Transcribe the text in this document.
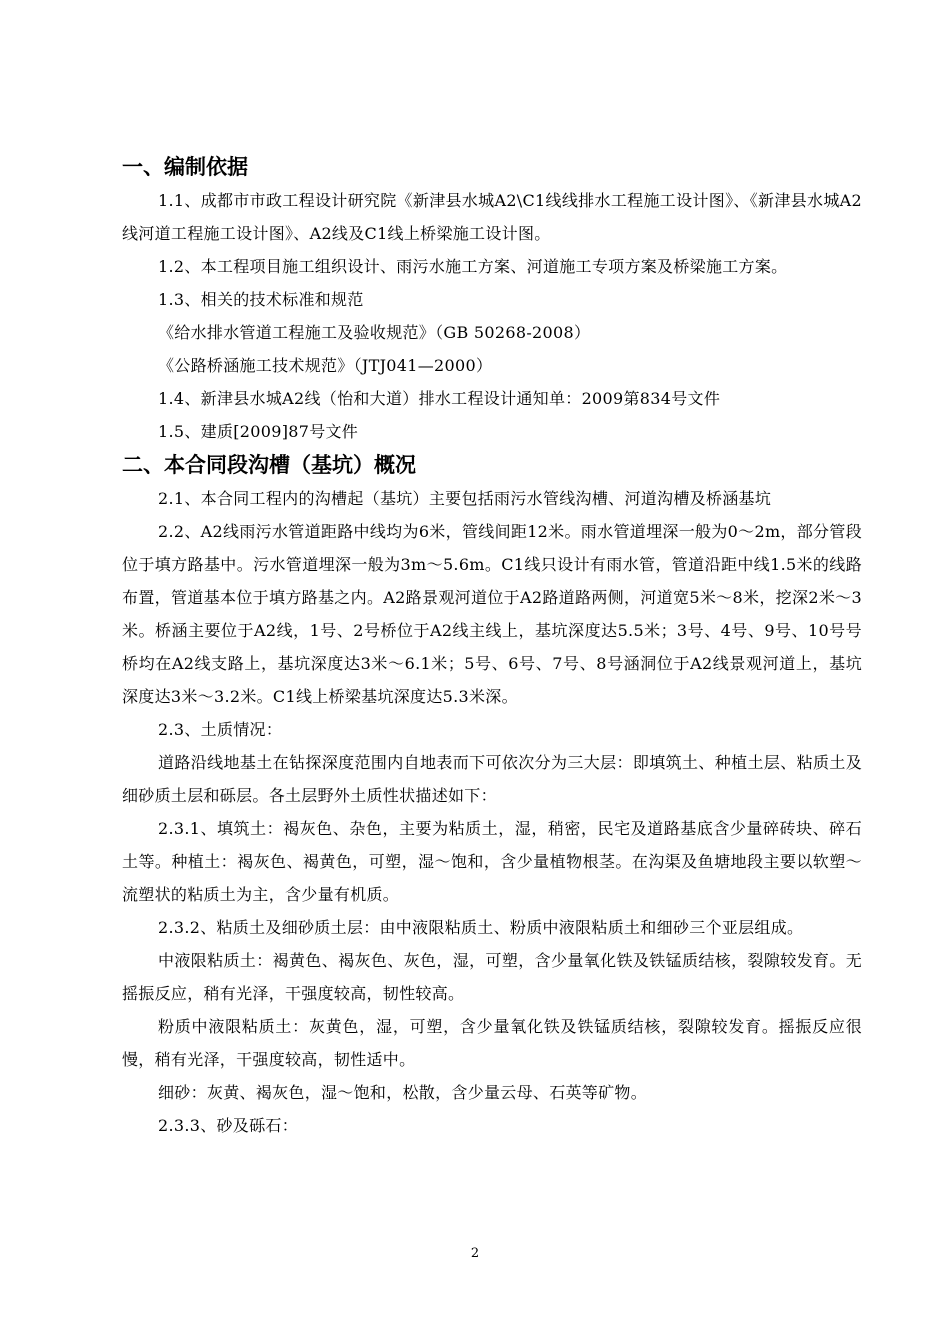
一、编制依据

1.1、成都市市政工程设计研究院《新津县水城A2\C1线线排水工程施工设计图》、《新津县水城A2线河道工程施工设计图》、A2线及C1线上桥梁施工设计图。

1.2、本工程项目施工组织设计、雨污水施工方案、河道施工专项方案及桥梁施工方案。

1.3、相关的技术标准和规范

《给水排水管道工程施工及验收规范》（GB 50268-2008）

《公路桥涵施工技术规范》（JTJ041—2000）

1.4、新津县水城A2线（怡和大道）排水工程设计通知单：2009第834号文件

1.5、建质[2009]87号文件

二、本合同段沟槽（基坑）概况

2.1、本合同工程内的沟槽起（基坑）主要包括雨污水管线沟槽、河道沟槽及桥涵基坑

2.2、A2线雨污水管道距路中线均为6米，管线间距12米。雨水管道埋深一般为0～2m，部分管段位于填方路基中。污水管道埋深一般为3m～5.6m。C1线只设计有雨水管，管道沿距中线1.5米的线路布置，管道基本位于填方路基之内。A2路景观河道位于A2路道路两侧，河道宽5米～8米，挖深2米～3米。桥涵主要位于A2线，1号、2号桥位于A2线主线上，基坑深度达5.5米；3号、4号、9号、10号号桥均在A2线支路上，基坑深度达3米～6.1米；5号、6号、7号、8号涵洞位于A2线景观河道上，基坑深度达3米～3.2米。C1线上桥梁基坑深度达5.3米深。

2.3、土质情况：

道路沿线地基土在钻探深度范围内自地表而下可依次分为三大层：即填筑土、种植土层、粘质土及细砂质土层和砾层。各土层野外土质性状描述如下：

2.3.1、填筑土：褐灰色、杂色，主要为粘质土，湿，稍密，民宅及道路基底含少量碎砖块、碎石土等。种植土：褐灰色、褐黄色，可塑，湿～饱和，含少量植物根茎。在沟渠及鱼塘地段主要以软塑～流塑状的粘质土为主，含少量有机质。

2.3.2、粘质土及细砂质土层：由中液限粘质土、粉质中液限粘质土和细砂三个亚层组成。

中液限粘质土：褐黄色、褐灰色、灰色，湿，可塑，含少量氧化铁及铁锰质结核，裂隙较发育。无摇振反应，稍有光泽，干强度较高，韧性较高。

粉质中液限粘质土：灰黄色，湿，可塑，含少量氧化铁及铁锰质结核，裂隙较发育。摇振反应很慢，稍有光泽，干强度较高，韧性适中。

细砂：灰黄、褐灰色，湿～饱和，松散，含少量云母、石英等矿物。

2.3.3、砂及砾石：

2
